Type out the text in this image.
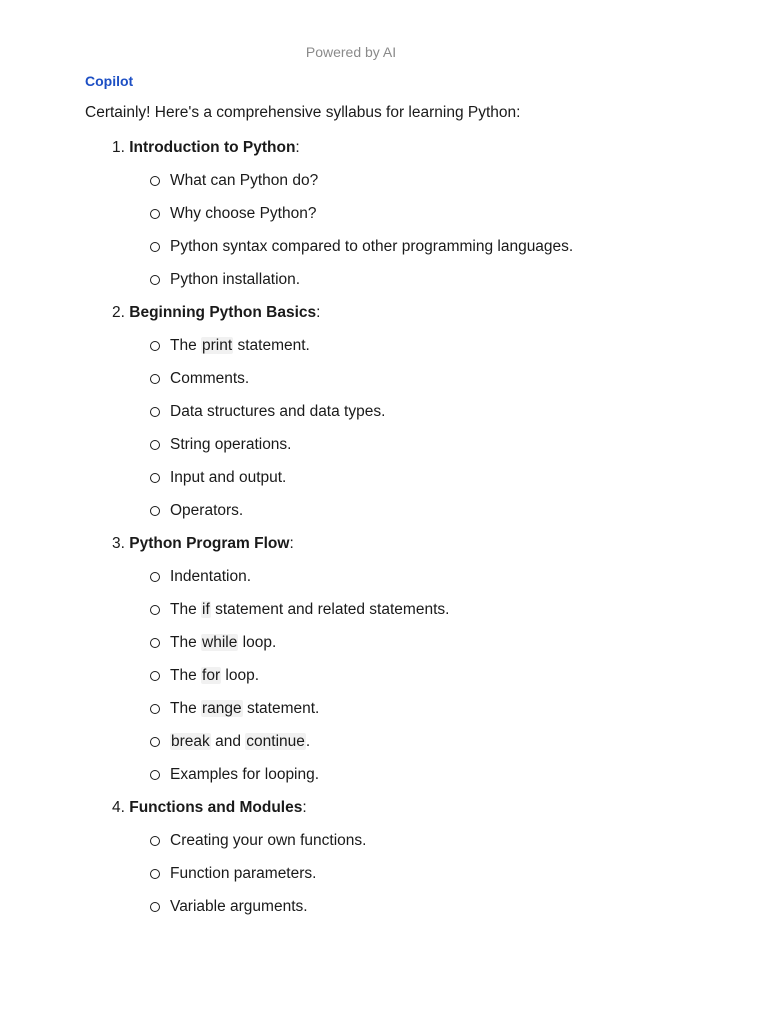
Powered by AI
Copilot
Certainly! Here's a comprehensive syllabus for learning Python:
1. Introduction to Python:
What can Python do?
Why choose Python?
Python syntax compared to other programming languages.
Python installation.
2. Beginning Python Basics:
The print statement.
Comments.
Data structures and data types.
String operations.
Input and output.
Operators.
3. Python Program Flow:
Indentation.
The if statement and related statements.
The while loop.
The for loop.
The range statement.
break and continue.
Examples for looping.
4. Functions and Modules:
Creating your own functions.
Function parameters.
Variable arguments.
